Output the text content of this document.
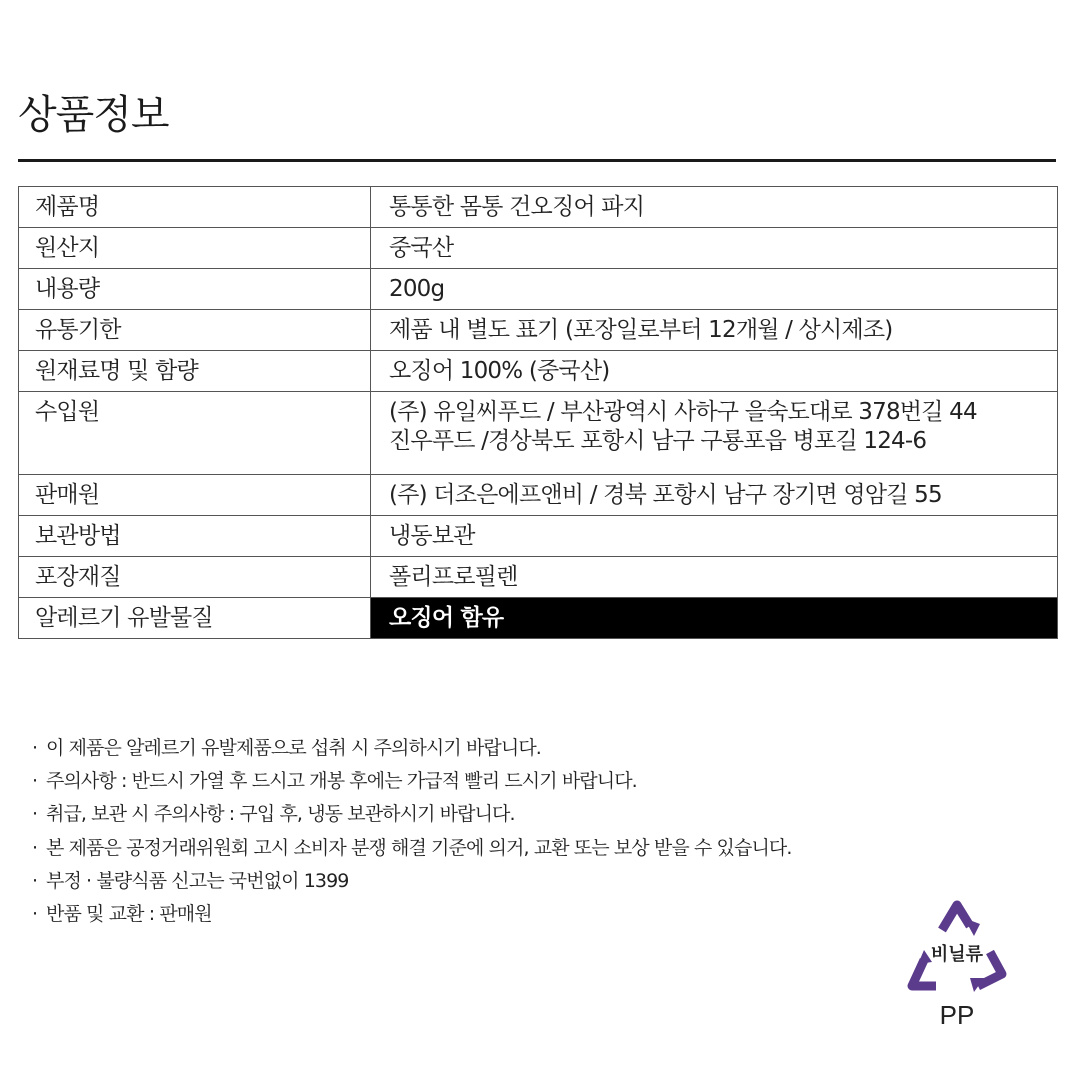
상품정보
제품명	통통한 몸통 건오징어 파지

원산지	중국산

내용량	200g

유통기한	제품 내 별도 표기 (포장일로부터 12개월 / 상시제조)

원재료명 및 함량	오징어 100% (중국산)

수입원	(주) 유일씨푸드 / 부산광역시 사하구 을숙도대로 378번길 44
진우푸드 /경상북도 포항시 남구 구룡포읍 병포길 124-6

판매원	(주) 더조은에프앤비 / 경북 포항시 남구 장기면 영암길 55

보관방법	냉동보관

포장재질	폴리프로필렌

알레르기 유발물질	오징어 함유
· 이 제품은 알레르기 유발제품으로 섭취 시 주의하시기 바랍니다.
· 주의사항 : 반드시 가열 후 드시고 개봉 후에는 가급적 빨리 드시기 바랍니다.
· 취급, 보관 시 주의사항 : 구입 후, 냉동 보관하시기 바랍니다.
· 본 제품은 공정거래위원회 고시 소비자 분쟁 해결 기준에 의거, 교환 또는 보상 받을 수 있습니다.
· 부정 · 불량식품 신고는 국번없이 1399
· 반품 및 교환 : 판매원
비닐류
PP
